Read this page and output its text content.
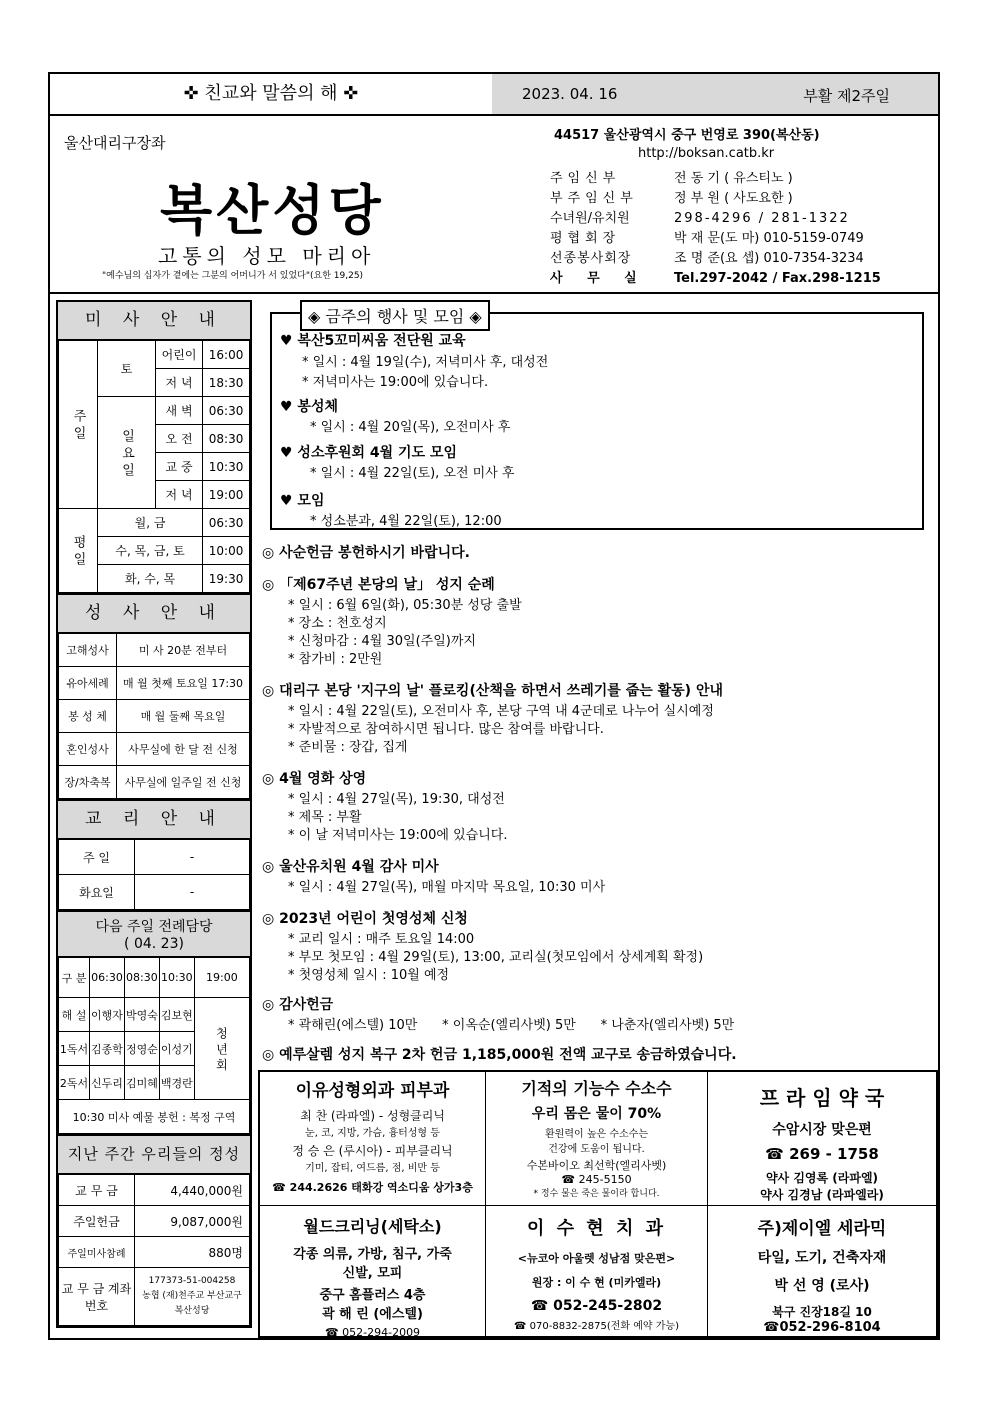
✜ 친교와 말씀의 해 ✜	2023. 04. 16	부활 제2주일
울산대리구장좌
복산성당
고통의 성모 마리아
"예수님의 십자가 곁에는 그분의 어머니가 서 있었다"(요한 19,25)
44517 울산광역시 중구 번영로 390(복산동)
http://boksan.catb.kr
주임신부	전 동 기 ( 유스티노 )
부주임신부	정 부 원 ( 사도요한 )
수녀원/유치원	298-4296 / 281-1322
평협회장	박 재 문(도 마) 010-5159-0749
선종봉사회장	조 명 준(요 셉) 010-7354-3234
사 무 실 Tel.297-2042 / Fax.298-1215
미 사 안 내
주 일	토	어린이	16:00
		저 녁	18:30
	일 요 일	새 벽	06:30
		오 전	08:30
		교 중	10:30
		저 녁	19:00
평 일	월, 금		06:30
	수, 목, 금, 토		10:00
	화, 수, 목		19:30
성 사 안 내
고해성사	미 사 20분 전부터
유아세례	매 월 첫째 토요일 17:30
봉 성 체	매 월 둘째 목요일
혼인성사	사무실에 한 달 전 신청
장/차축복	사무실에 일주일 전 신청
교 리 안 내
주 일	-
화요일	-
다음 주일 전례담당
( 04. 23)
구 분	06:30	08:30	10:30	19:00
해 설	이행자	박영숙	김보현	청 년 회
1독서	김종학	정영순	이성기	
2독서	신두리	김미혜	백경란	
10:30 미사 예물 봉헌 : 복정 구역				
지난 주간 우리들의 정성
교 무 금	4,440,000원
주일헌금	9,087,000원
주일미사참례	880명
교 무 금 계좌번호	177373-51-004258
농협 (재)천주교 부산교구
복산성당
◈ 금주의 행사 및 모임 ◈
♥ 복산5꼬미씨움 전단원 교육
* 일시 : 4월 19일(수), 저녁미사 후, 대성전
* 저녁미사는 19:00에 있습니다.
♥ 봉성체
* 일시 : 4월 20일(목), 오전미사 후
♥ 성소후원회 4월 기도 모임
* 일시 : 4월 22일(토), 오전 미사 후
♥ 모임
* 성소분과, 4월 22일(토), 12:00
◎ 사순헌금 봉헌하시기 바랍니다.
◎ 「제67주년 본당의 날」 성지 순례
* 일시 : 6월 6일(화), 05:30분 성당 출발
* 장소 : 천호성지
* 신청마감 : 4월 30일(주일)까지
* 참가비 : 2만원
◎ 대리구 본당 '지구의 날' 플로킹(산책을 하면서 쓰레기를 줍는 활동) 안내
* 일시 : 4월 22일(토), 오전미사 후, 본당 구역 내 4군데로 나누어 실시예정
* 자발적으로 참여하시면 됩니다. 많은 참여를 바랍니다.
* 준비물 : 장갑, 집게
◎ 4월 영화 상영
* 일시 : 4월 27일(목), 19:30, 대성전
* 제목 : 부활
* 이 날 저녁미사는 19:00에 있습니다.
◎ 울산유치원 4월 감사 미사
* 일시 : 4월 27일(목), 매월 마지막 목요일, 10:30 미사
◎ 2023년 어린이 첫영성체 신청
* 교리 일시 : 매주 토요일 14:00
* 부모 첫모임 : 4월 29일(토), 13:00, 교리실(첫모임에서 상세계획 확정)
* 첫영성체 일시 : 10월 예정
◎ 감사헌금
* 곽해린(에스텔) 10만      * 이옥순(엘리사벳) 5만      * 나춘자(엘리사벳) 5만
◎ 예루살렘 성지 복구 2차 헌금 1,185,000원 전액 교구로 송금하였습니다.
이유성형외과 피부과
최 찬 (라파엘) - 성형클리닉
눈, 코, 지방, 가슴, 흉터성형 등
정 승 은 (루시아) - 피부클리닉
기미, 잡티, 여드름, 점, 비만 등
☎ 244.2626 태화강 역소디움 상가3층
기적의 기능수 수소수
우리 몸은 물이 70%
환원력이 높은 수소수는
건강에 도움이 됩니다.
수본바이오 최선학(엘리사벳)
☎ 245-5150
* 정수 물은 죽은 물이라 합니다.
프 라 임 약 국
수암시장 맞은편
☎ 269 - 1758
약사 김영록 (라파엘)
약사 김경남 (라파엘라)
월드크리닝(세탁소)
각종 의류, 가방, 침구, 가죽
신발, 모피
중구 홈플러스 4층
곽 해 린 (에스텔)
☎ 052-294-2009
이 수 현 치 과
<뉴코아 아울렛 성남점 맞은편>
원장 : 이 수 현 (미카엘라)
☎ 052-245-2802
☎ 070-8832-2875(전화 예약 가능)
주)제이엘 세라믹
타일, 도기, 건축자재
박 선 영 (로사)
북구 진장18길 10
☎052-296-8104
